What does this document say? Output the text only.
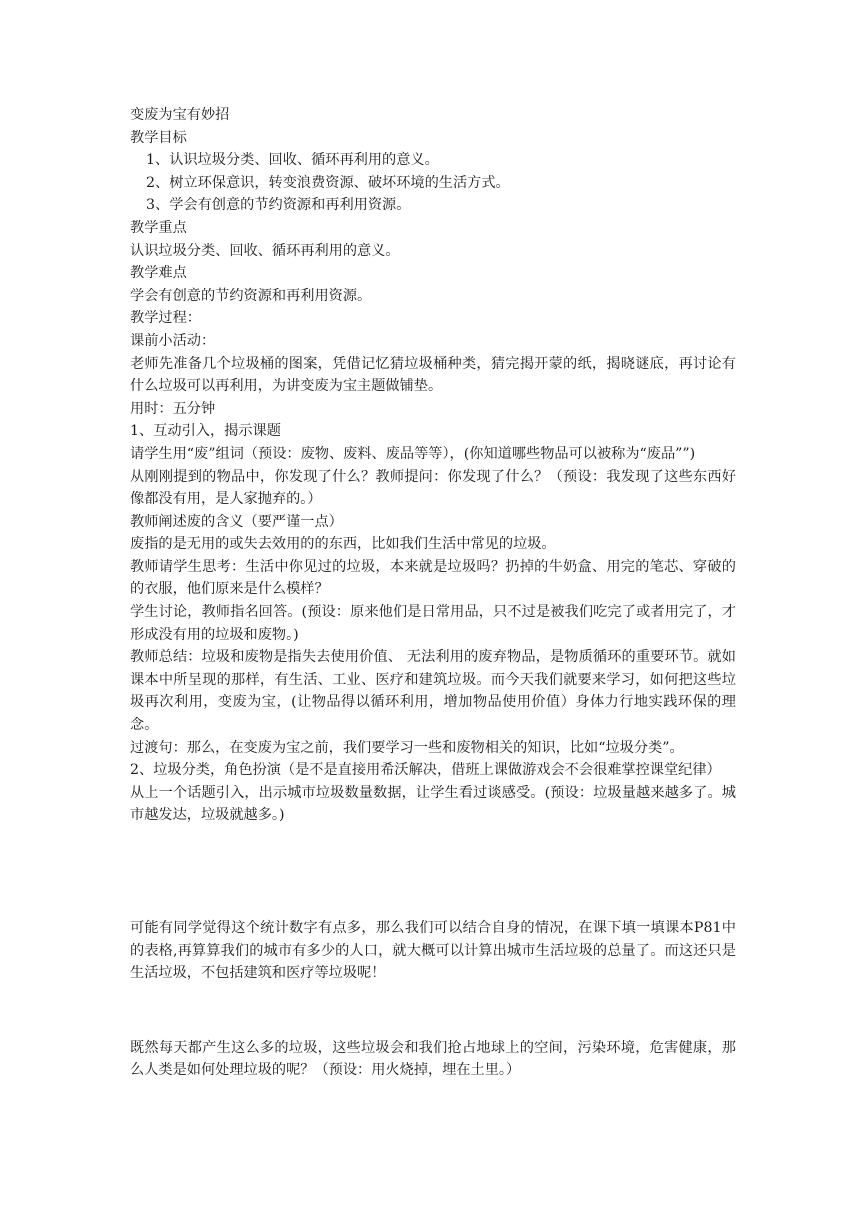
变废为宝有妙招

教学目标

1、认识垃圾分类、回收、循环再利用的意义。

2、树立环保意识，转变浪费资源、破坏环境的生活方式。

3、学会有创意的节约资源和再利用资源。

教学重点

认识垃圾分类、回收、循环再利用的意义。

教学难点

学会有创意的节约资源和再利用资源。

教学过程：

课前小活动：

老师先准备几个垃圾桶的图案，凭借记忆猜垃圾桶种类，猜完揭开蒙的纸，揭晓谜底，再讨论有什么垃圾可以再利用，为讲变废为宝主题做铺垫。

用时：五分钟

1、互动引入，揭示课题

请学生用“废”组词（预设：废物、废料、废品等等），(你知道哪些物品可以被称为“废品””)

从刚刚提到的物品中，你发现了什么？教师提问：你发现了什么？（预设：我发现了这些东西好像都没有用，是人家抛弃的。）

教师阐述废的含义（要严谨一点）

废指的是无用的或失去效用的的东西，比如我们生活中常见的垃圾。

教师请学生思考：生活中你见过的垃圾，本来就是垃圾吗？扔掉的牛奶盒、用完的笔芯、穿破的的衣服，他们原来是什么模样？

学生讨论，教师指名回答。(预设：原来他们是日常用品，只不过是被我们吃完了或者用完了，才形成没有用的垃圾和废物。)

教师总结：垃圾和废物是指失去使用价值、 无法利用的废弃物品，是物质循环的重要环节。就如课本中所呈现的那样，有生活、工业、医疗和建筑垃圾。而今天我们就要来学习，如何把这些垃圾再次利用，变废为宝，(让物品得以循环利用，增加物品使用价值）身体力行地实践环保的理念。

过渡句：那么，在变废为宝之前，我们要学习一些和废物相关的知识，比如“垃圾分类”。

2、垃圾分类，角色扮演（是不是直接用希沃解决，借班上课做游戏会不会很难掌控课堂纪律）

从上一个话题引入，出示城市垃圾数量数据，让学生看过谈感受。(预设：垃圾量越来越多了。城市越发达，垃圾就越多。)

可能有同学觉得这个统计数字有点多，那么我们可以结合自身的情况，在课下填一填课本P81中的表格,再算算我们的城市有多少的人口，就大概可以计算出城市生活垃圾的总量了。而这还只是生活垃圾，不包括建筑和医疗等垃圾呢！

既然每天都产生这么多的垃圾，这些垃圾会和我们抢占地球上的空间，污染环境，危害健康，那么人类是如何处理垃圾的呢？（预设：用火烧掉，埋在土里。）
